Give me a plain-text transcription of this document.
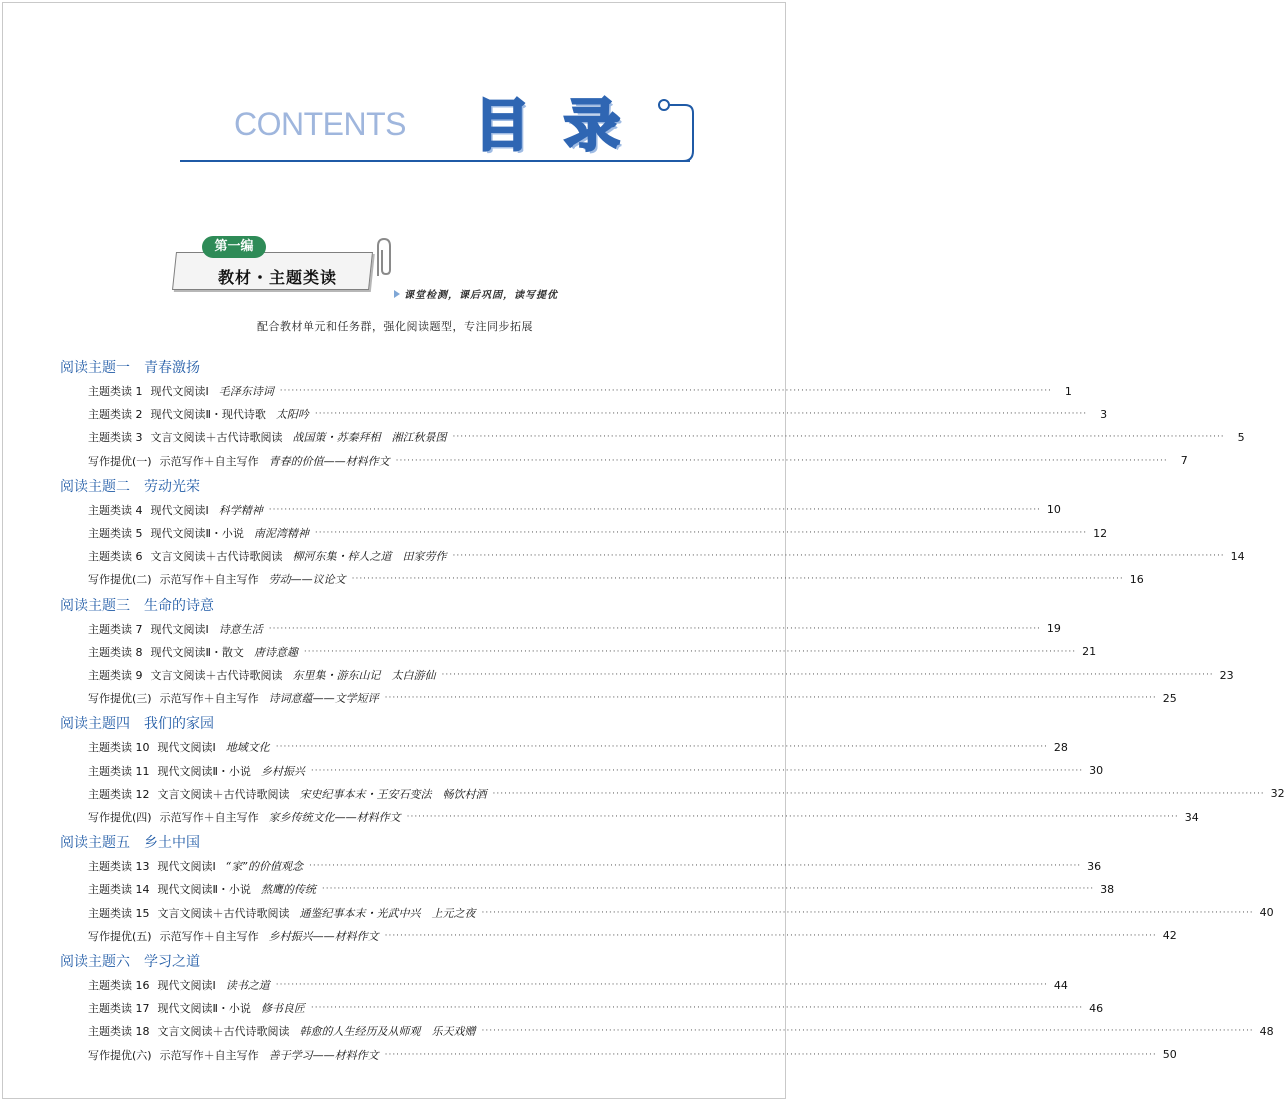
CONTENTS 目录
第一编
教材・主题类读
课堂检测，课后巩固，读写提优
配合教材单元和任务群，强化阅读题型，专注同步拓展
阅读主题一　青春激扬
主题类读 1 现代文阅读Ⅰ 毛泽东诗词 ········································································································································································································	1
主题类读 2 现代文阅读Ⅱ・现代诗歌 太阳吟 ········································································································································································································	3
主题类读 3 文言文阅读＋古代诗歌阅读 战国策・苏秦拜相　湘江秋景图 ········································································································································································································	5
写作提优(一) 示范写作＋自主写作 青春的价值——材料作文 ········································································································································································································	7
阅读主题二　劳动光荣
主题类读 4 现代文阅读Ⅰ 科学精神 ········································································································································································································ 10
主题类读 5 现代文阅读Ⅱ・小说 南泥湾精神 ········································································································································································································ 12
主题类读 6 文言文阅读＋古代诗歌阅读 柳河东集・梓人之道　田家劳作 ········································································································································································································ 14
写作提优(二) 示范写作＋自主写作 劳动——议论文 ········································································································································································································ 16
阅读主题三　生命的诗意
主题类读 7 现代文阅读Ⅰ 诗意生活 ········································································································································································································ 19
主题类读 8 现代文阅读Ⅱ・散文 唐诗意趣 ········································································································································································································ 21
主题类读 9 文言文阅读＋古代诗歌阅读 东里集・游东山记　太白游仙 ········································································································································································································ 23
写作提优(三) 示范写作＋自主写作 诗词意蕴——文学短评 ········································································································································································································ 25
阅读主题四　我们的家园
主题类读 10 现代文阅读Ⅰ 地域文化 ········································································································································································································ 28
主题类读 11 现代文阅读Ⅱ・小说 乡村振兴 ········································································································································································································ 30
主题类读 12 文言文阅读＋古代诗歌阅读 宋史纪事本末・王安石变法　畅饮村酒 ········································································································································································································ 32
写作提优(四) 示范写作＋自主写作 家乡传统文化——材料作文 ········································································································································································································ 34
阅读主题五　乡土中国
主题类读 13 现代文阅读Ⅰ “家”的价值观念 ········································································································································································································ 36
主题类读 14 现代文阅读Ⅱ・小说 熬鹰的传统 ········································································································································································································ 38
主题类读 15 文言文阅读＋古代诗歌阅读 通鉴纪事本末・光武中兴　上元之夜 ········································································································································································································ 40
写作提优(五) 示范写作＋自主写作 乡村振兴——材料作文 ········································································································································································································ 42
阅读主题六　学习之道
主题类读 16 现代文阅读Ⅰ 读书之道 ········································································································································································································ 44
主题类读 17 现代文阅读Ⅱ・小说 修书良匠 ········································································································································································································ 46
主题类读 18 文言文阅读＋古代诗歌阅读 韩愈的人生经历及从师观　乐天戏赠 ········································································································································································································ 48
写作提优(六) 示范写作＋自主写作 善于学习——材料作文 ········································································································································································································ 50
